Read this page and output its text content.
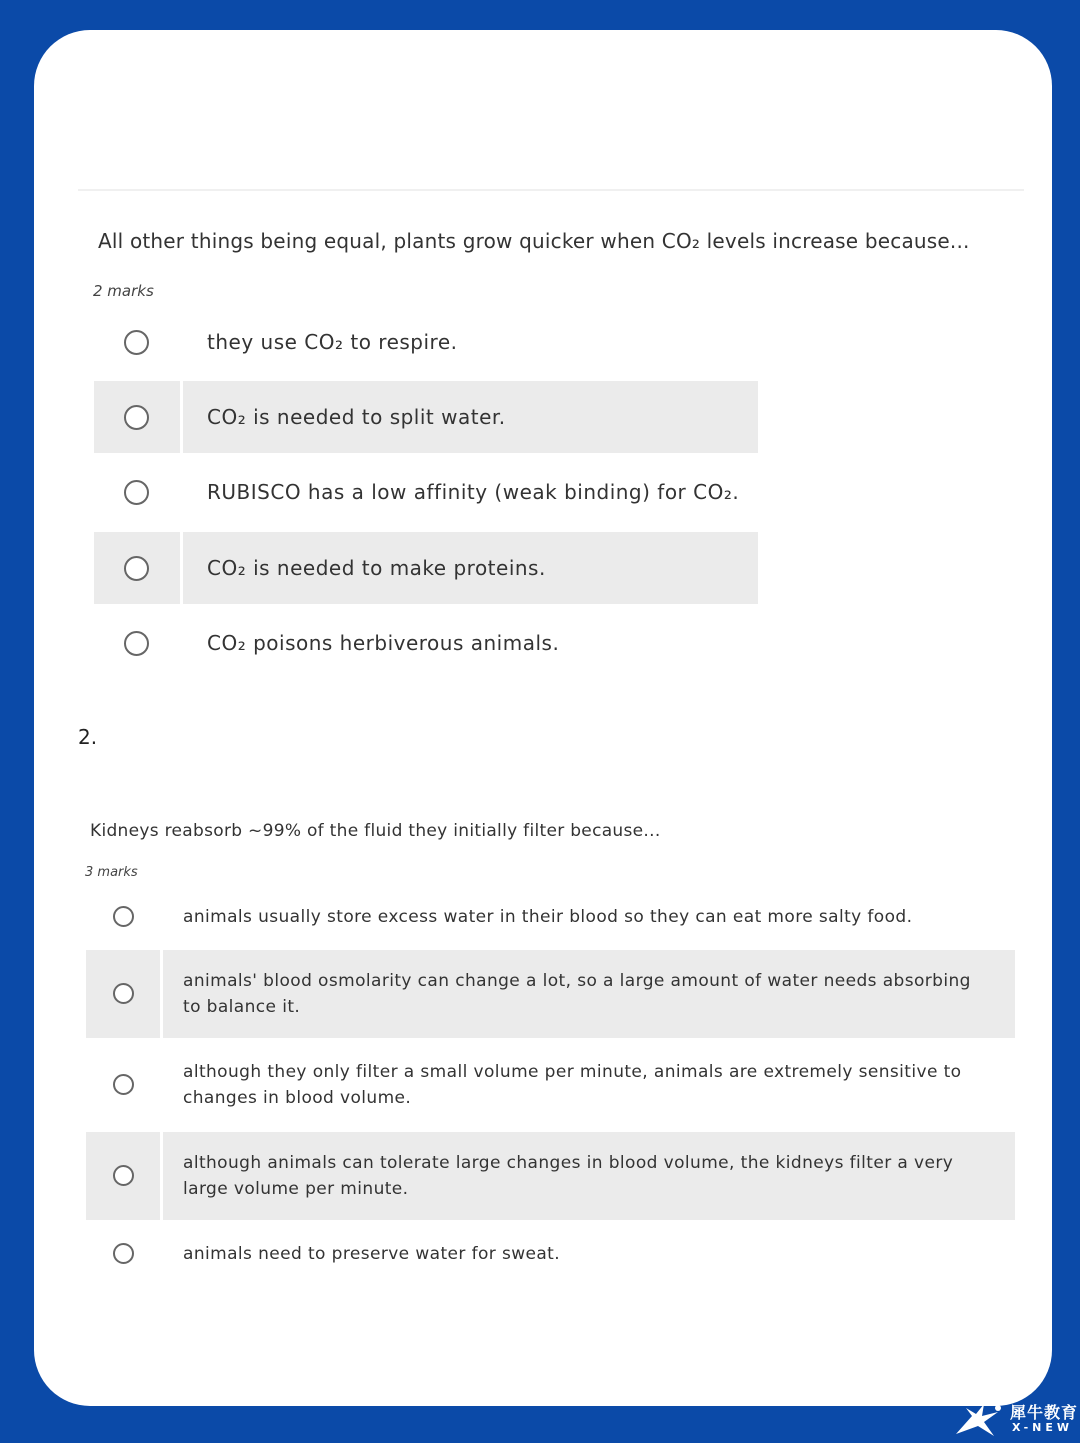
All other things being equal, plants grow quicker when CO₂ levels increase because...
2 marks
they use CO₂ to respire.
CO₂ is needed to split water.
RUBISCO has a low affinity (weak binding) for CO₂.
CO₂ is needed to make proteins.
CO₂ poisons herbiverous animals.
2.
Kidneys reabsorb ~99% of the fluid they initially filter because...
3 marks
animals usually store excess water in their blood so they can eat more salty food.
animals' blood osmolarity can change a lot, so a large amount of water needs absorbing to balance it.
although they only filter a small volume per minute, animals are extremely sensitive to changes in blood volume.
although animals can tolerate large changes in blood volume, the kidneys filter a very large volume per minute.
animals need to preserve water for sweat.
犀牛教育
X-NEW
